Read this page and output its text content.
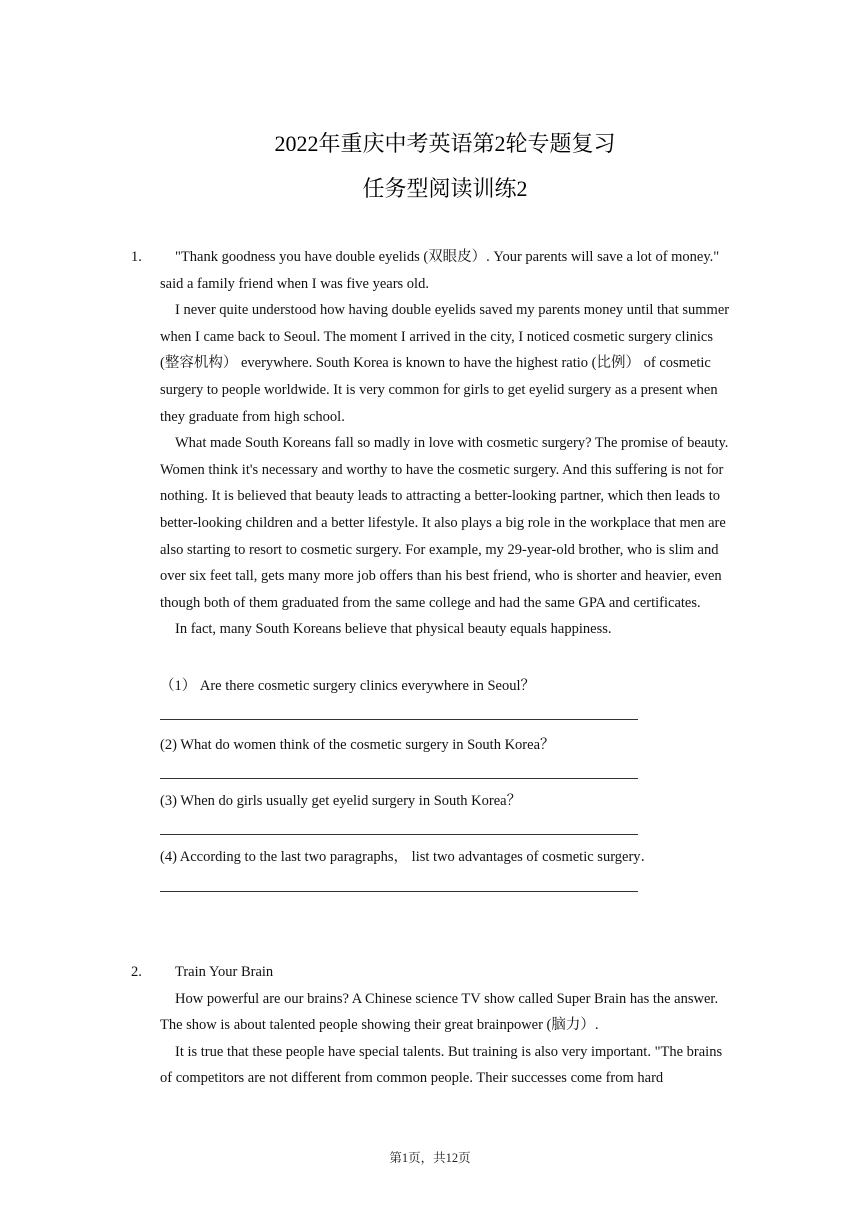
2022年重庆中考英语第2轮专题复习
任务型阅读训练2
1.	"Thank goodness you have double eyelids (双眼皮）. Your parents will save a lot of money." said a family friend when I was five years old.

I never quite understood how having double eyelids saved my parents money until that summer when I came back to Seoul. The moment I arrived in the city, I noticed cosmetic surgery clinics (整容机构） everywhere. South Korea is known to have the highest ratio (比例） of cosmetic surgery to people worldwide. It is very common for girls to get eyelid surgery as a present when they graduate from high school.

What made South Koreans fall so madly in love with cosmetic surgery? The promise of beauty. Women think it's necessary and worthy to have the cosmetic surgery. And this suffering is not for nothing. It is believed that beauty leads to attracting a better-looking partner, which then leads to better-looking children and a better lifestyle. It also plays a big role in the workplace that men are also starting to resort to cosmetic surgery. For example, my 29-year-old brother, who is slim and over six feet tall, gets many more job offers than his best friend, who is shorter and heavier, even though both of them graduated from the same college and had the same GPA and certificates.

In fact, many South Koreans believe that physical beauty equals happiness.

（1） Are there cosmetic surgery clinics everywhere in Seoul？
(2) What do women think of the cosmetic surgery in South Korea？
(3) When do girls usually get eyelid surgery in South Korea？
(4) According to the last two paragraphs， list two advantages of cosmetic surgery．
2.	Train Your Brain

How powerful are our brains? A Chinese science TV show called Super Brain has the answer. The show is about talented people showing their great brainpower (脑力）.

It is true that these people have special talents. But training is also very important. "The brains of competitors are not different from common people. Their successes come from hard

第1页，共12页
